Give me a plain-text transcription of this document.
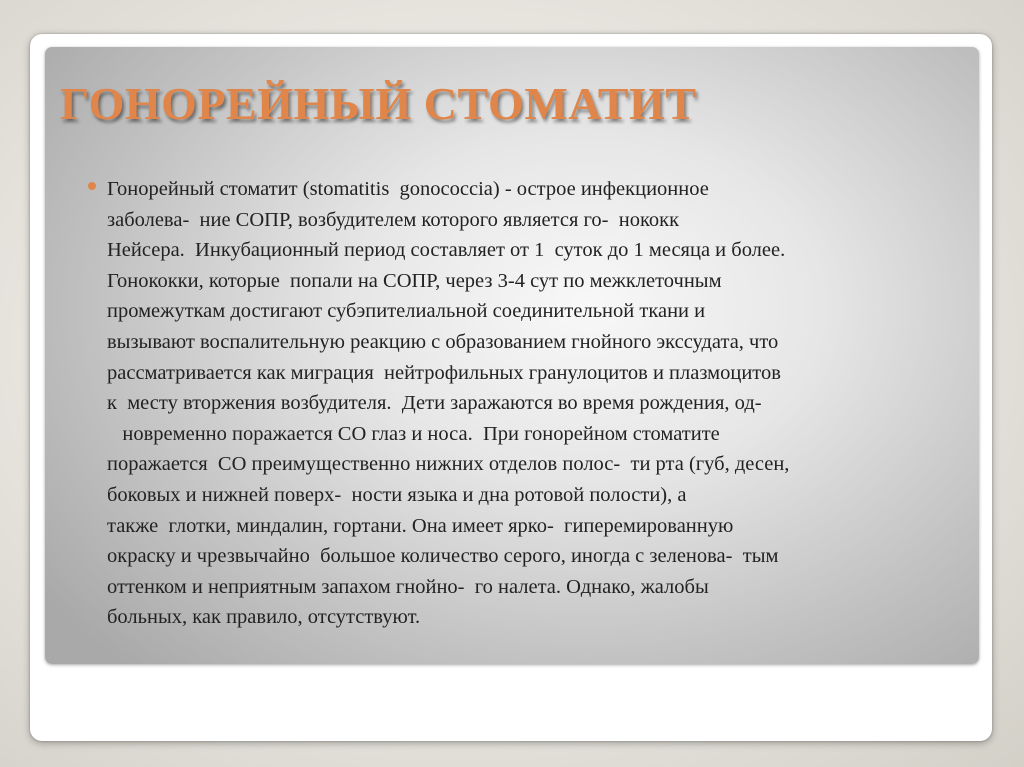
ГОНОРЕЙНЫЙ СТОМАТИТ
Гонорейный стоматит (stomatitis  gonococcia) - острое инфекционное
заболева-  ние СОПР, возбудителем которого является го-  нококк
Нейсера.  Инкубационный период составляет от 1  суток до 1 месяца и более.
Гонококки, которые  попали на СОПР, через 3-4 сут по межклеточным
промежуткам достигают субэпителиальной соединительной ткани и
вызывают воспалительную реакцию с образованием гнойного экссудата, что
рассматривается как миграция  нейтрофильных гранулоцитов и плазмоцитов
к  месту вторжения возбудителя.  Дети заражаются во время рождения, од-
новременно поражается СО глаз и носа.  При гонорейном стоматите
поражается  СО преимущественно нижних отделов полос-  ти рта (губ, десен,
боковых и нижней поверх-  ности языка и дна ротовой полости), а
также  глотки, миндалин, гортани. Она имеет ярко-  гиперемированную
окраску и чрезвычайно  большое количество серого, иногда с зеленова-  тым
оттенком и неприятным запахом гнойно-  го налета. Однако, жалобы
больных, как правило, отсутствуют.
